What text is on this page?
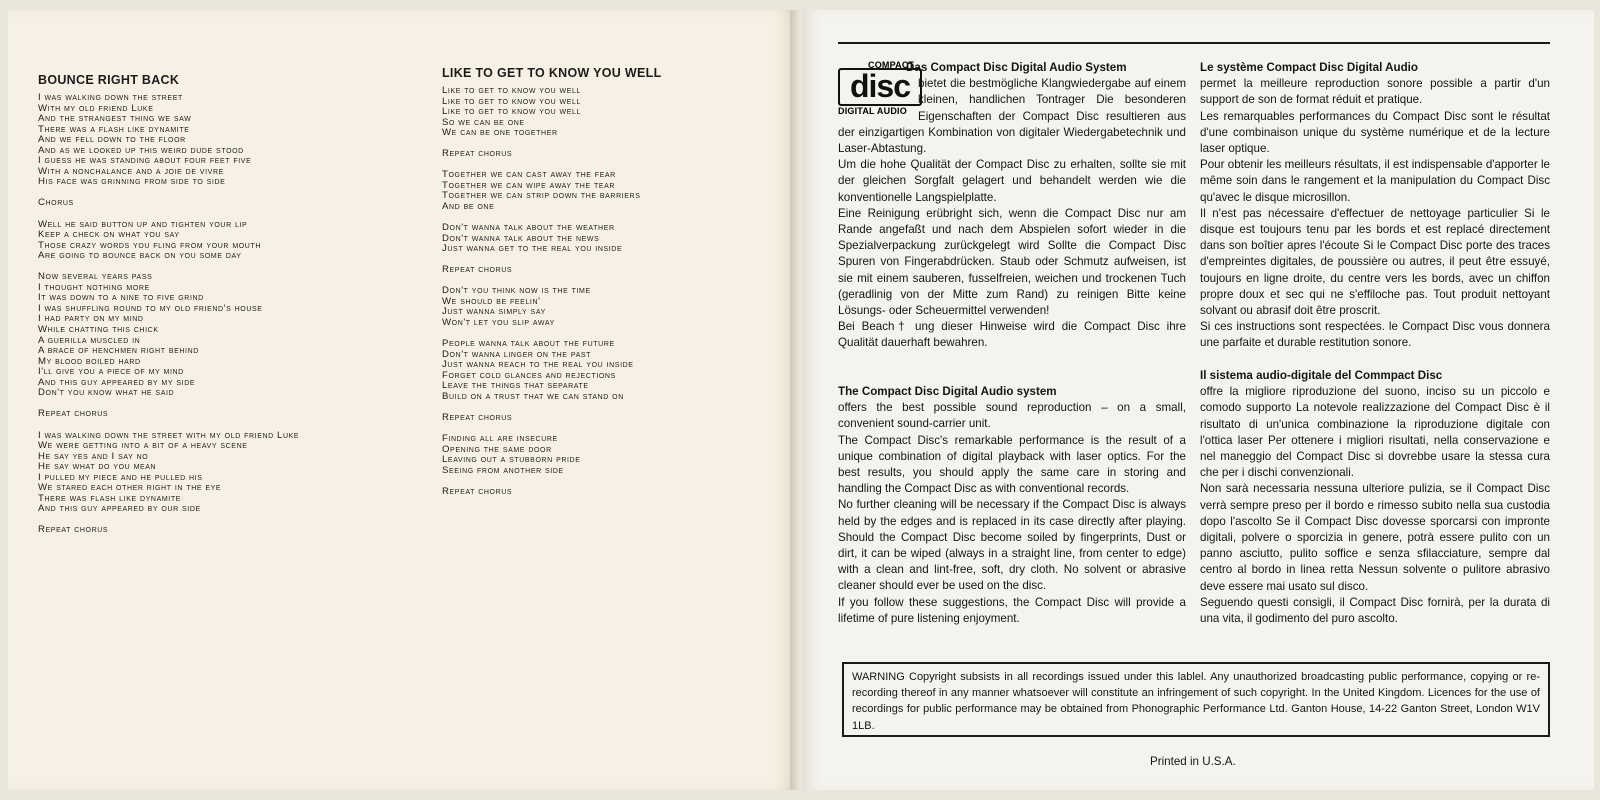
BOUNCE RIGHT BACK
I was walking down the street
With my old friend Luke
And the strangest thing we saw
There was a flash like dynamite
And we fell down to the floor
And as we looked up this weird dude stood
I guess he was standing about four feet five
With a nonchalance and a joie de vivre
His face was grinning from side to side
Chorus
Well he said button up and tighten your lip
Keep a check on what you say
Those crazy words you fling from your mouth
Are going to bounce back on you some day
Now several years pass
I thought nothing more
It was down to a nine to five grind
I was shuffling round to my old friend's house
I had party on my mind
While chatting this chick
A guerilla muscled in
A brace of henchmen right behind
My blood boiled hard
I'll give you a piece of my mind
And this guy appeared by my side
Don't you know what he said
Repeat chorus
I was walking down the street with my old friend Luke
We were getting into a bit of a heavy scene
He say yes and I say no
He say what do you mean
I pulled my piece and he pulled his
We stared each other right in the eye
There was flash like dynamite
And this guy appeared by our side
Repeat chorus
LIKE TO GET TO KNOW YOU WELL
Like to get to know you well
Like to get to know you well
Like to get to know you well
So we can be one
We can be one together
Repeat chorus
Together we can cast away the fear
Together we can wipe away the tear
Together we can strip down the barriers
And be one
Don't wanna talk about the weather
Don't wanna talk about the news
Just wanna get to the real you inside
Repeat chorus
Don't you think now is the time
We should be feelin'
Just wanna simply say
Won't let you slip away
People wanna talk about the future
Don't wanna linger on the past
Just wanna reach to the real you inside
Forget cold glances and rejections
Leave the things that separate
Build on a trust that we can stand on
Repeat chorus
Finding all are insecure
Opening the same door
Leaving out a stubborn pride
Seeing from another side
Repeat chorus
COMPACT
disc
DIGITAL AUDIO
Das Compact Disc Digital Audio System

bietet die bestmögliche Klangwiedergabe auf einem kleinen, handlichen Tontrager Die besonderen Eigenschaften der Compact Disc resultieren aus der einzigartigen Kombination von digitaler Wiedergabetechnik und Laser-Abtastung.

Um die hohe Qualität der Compact Disc zu erhalten, sollte sie mit der gleichen Sorgfalt gelagert und behandelt werden wie die konventionelle Langspielplatte.

Eine Reinigung erübright sich, wenn die Compact Disc nur am Rande angefaßt und nach dem Abspielen sofort wieder in die Spezialverpackung zurückgelegt wird Sollte die Compact Disc Spuren von Fingerabdrücken. Staub oder Schmutz aufweisen, ist sie mit einem sauberen, fusselfreien, weichen und trockenen Tuch (geradlinig von der Mitte zum Rand) zu reinigen Bitte keine Lösungs- oder Scheuermittel verwenden!

Bei Beach† ung dieser Hinweise wird die Compact Disc ihre Qualität dauerhaft bewahren.

Le système Compact Disc Digital Audio

permet la meilleure reproduction sonore possible a partir d'un support de son de format réduit et pratique.

Les remarquables performances du Compact Disc sont le résultat d'une combinaison unique du système numérique et de la lecture laser optique.

Pour obtenir les meilleurs résultats, il est indispensable d'apporter le même soin dans le rangement et la manipulation du Compact Disc qu'avec le disque microsillon.

Il n'est pas nécessaire d'effectuer de nettoyage particulier Si le disque est toujours tenu par les bords et est replacé directement dans son boîtier apres l'écoute Si le Compact Disc porte des traces d'empreintes digitales, de poussière ou autres, il peut être essuyé, toujours en ligne droite, du centre vers les bords, avec un chiffon propre doux et sec qui ne s'effiloche pas. Tout produit nettoyant solvant ou abrasif doit être proscrit.

Si ces instructions sont respectées. le Compact Disc vous donnera une parfaite et durable restitution sonore.

The Compact Disc Digital Audio system

offers the best possible sound reproduction – on a small, convenient sound-carrier unit.

The Compact Disc's remarkable performance is the result of a unique combination of digital playback with laser optics. For the best results, you should apply the same care in storing and handling the Compact Disc as with conventional records.

No further cleaning will be necessary if the Compact Disc is always held by the edges and is replaced in its case directly after playing. Should the Compact Disc become soiled by fingerprints, Dust or dirt, it can be wiped (always in a straight line, from center to edge) with a clean and lint-free, soft, dry cloth. No solvent or abrasive cleaner should ever be used on the disc.

If you follow these suggestions, the Compact Disc will provide a lifetime of pure listening enjoyment.

Il sistema audio-digitale del Commpact Disc

offre la migliore riproduzione del suono, inciso su un piccolo e comodo supporto La notevole realizzazione del Compact Disc è il risultato di un'unica combinazione la riproduzione digitale con l'ottica laser Per ottenere i migliori risultati, nella conservazione e nel maneggio del Compact Disc si dovrebbe usare la stessa cura che per i dischi convenzionali.

Non sarà necessaria nessuna ulteriore pulizia, se il Compact Disc verrà sempre preso per il bordo e rimesso subito nella sua custodia dopo l'ascolto Se il Compact Disc dovesse sporcarsi con impronte digitali, polvere o sporcizia in genere, potrà essere pulito con un panno asciutto, pulito soffice e senza sfilacciature, sempre dal centro al bordo in linea retta Nessun solvente o pulitore abrasivo deve essere mai usato sul disco.

Seguendo questi consigli, il Compact Disc fornirà, per la durata di una vita, il godimento del puro ascolto.

WARNING Copyright subsists in all recordings issued under this lablel. Any unauthorized broadcasting public performance, copying or re-recording thereof in any manner whatsoever will constitute an infringement of such copyright. In the United Kingdom. Licences for the use of recordings for public performance may be obtained from Phonographic Performance Ltd. Ganton House, 14-22 Ganton Street, London W1V 1LB.
Printed in U.S.A.
